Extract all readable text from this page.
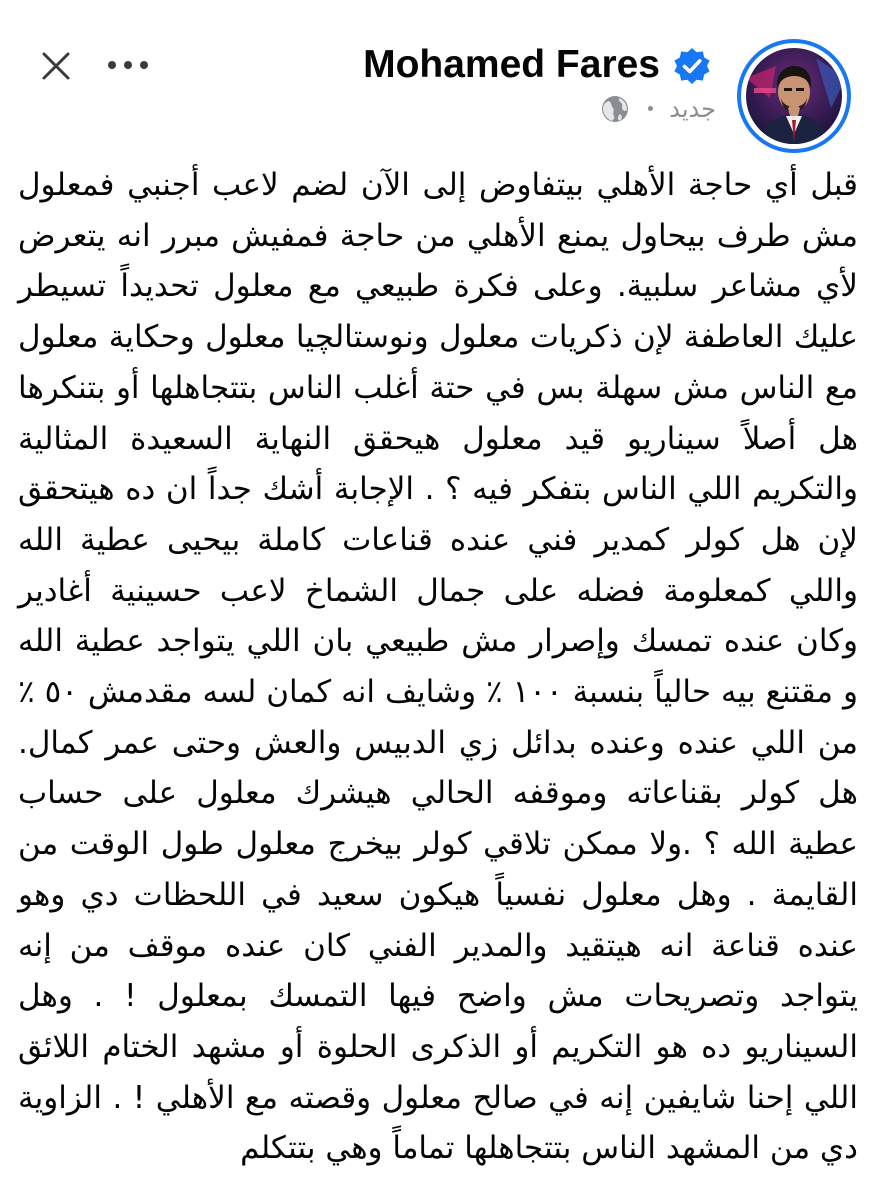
Mohamed Fares
جديد
قبل أي حاجة الأهلي بيتفاوض إلى الآن لضم لاعب أجنبي فمعلول مش طرف بيحاول يمنع الأهلي من حاجة فمفيش مبرر انه يتعرض لأي مشاعر سلبية. وعلى فكرة طبيعي مع معلول تحديداً تسيطر عليك العاطفة لإن ذكريات معلول ونوستالچيا معلول وحكاية معلول مع الناس مش سهلة بس في حتة أغلب الناس بتتجاهلها أو بتنكرها هل أصلاً سيناريو قيد معلول هيحقق النهاية السعيدة المثالية والتكريم اللي الناس بتفكر فيه ؟ . الإجابة أشك جداً ان ده هيتحقق لإن هل كولر كمدير فني عنده قناعات كاملة بيحيى عطية الله واللي كمعلومة فضله على جمال الشماخ لاعب حسينية أغادير وكان عنده تمسك وإصرار مش طبيعي بان اللي يتواجد عطية الله و مقتنع بيه حالياً بنسبة ١٠٠ ٪ وشايف انه كمان لسه مقدمش ٥٠ ٪ من اللي عنده وعنده بدائل زي الدبيس والعش وحتى عمر كمال. هل كولر بقناعاته وموقفه الحالي هيشرك معلول على حساب عطية الله ؟ .ولا ممكن تلاقي كولر بيخرج معلول طول الوقت من القايمة . وهل معلول نفسياً هيكون سعيد في اللحظات دي وهو عنده قناعة انه هيتقيد والمدير الفني كان عنده موقف من إنه يتواجد وتصريحات مش واضح فيها التمسك بمعلول ! . وهل السيناريو ده هو التكريم أو الذكرى الحلوة أو مشهد الختام اللائق اللي إحنا شايفين إنه في صالح معلول وقصته مع الأهلي ! . الزاوية دي من المشهد الناس بتتجاهلها تماماً وهي بتتكلم
